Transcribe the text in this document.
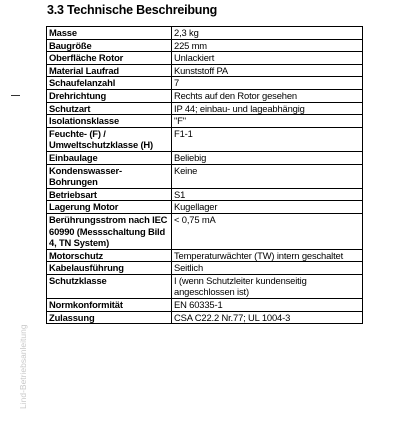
3.3 Technische Beschreibung
Lind-Betriebsanleitung
Masse	2,3 kg
Baugröße	225 mm
Oberfläche Rotor	Unlackiert
Material Laufrad	Kunststoff PA
Schaufelanzahl	7
Drehrichtung	Rechts auf den Rotor gesehen
Schutzart	IP 44; einbau- und lageabhängig
Isolationsklasse	"F"
Feuchte- (F) / Umweltschutzklasse (H)	F1-1
Einbaulage	Beliebig
Kondenswasser-Bohrungen	Keine
Betriebsart	S1
Lagerung Motor	Kugellager
Berührungsstrom nach IEC 60990 (Messschaltung Bild 4, TN System)	< 0,75 mA
Motorschutz	Temperaturwächter (TW) intern geschaltet
Kabelausführung	Seitlich
Schutzklasse	I (wenn Schutzleiter kundenseitig angeschlossen ist)
Normkonformität	EN 60335-1
Zulassung	CSA C22.2 Nr.77; UL 1004-3
